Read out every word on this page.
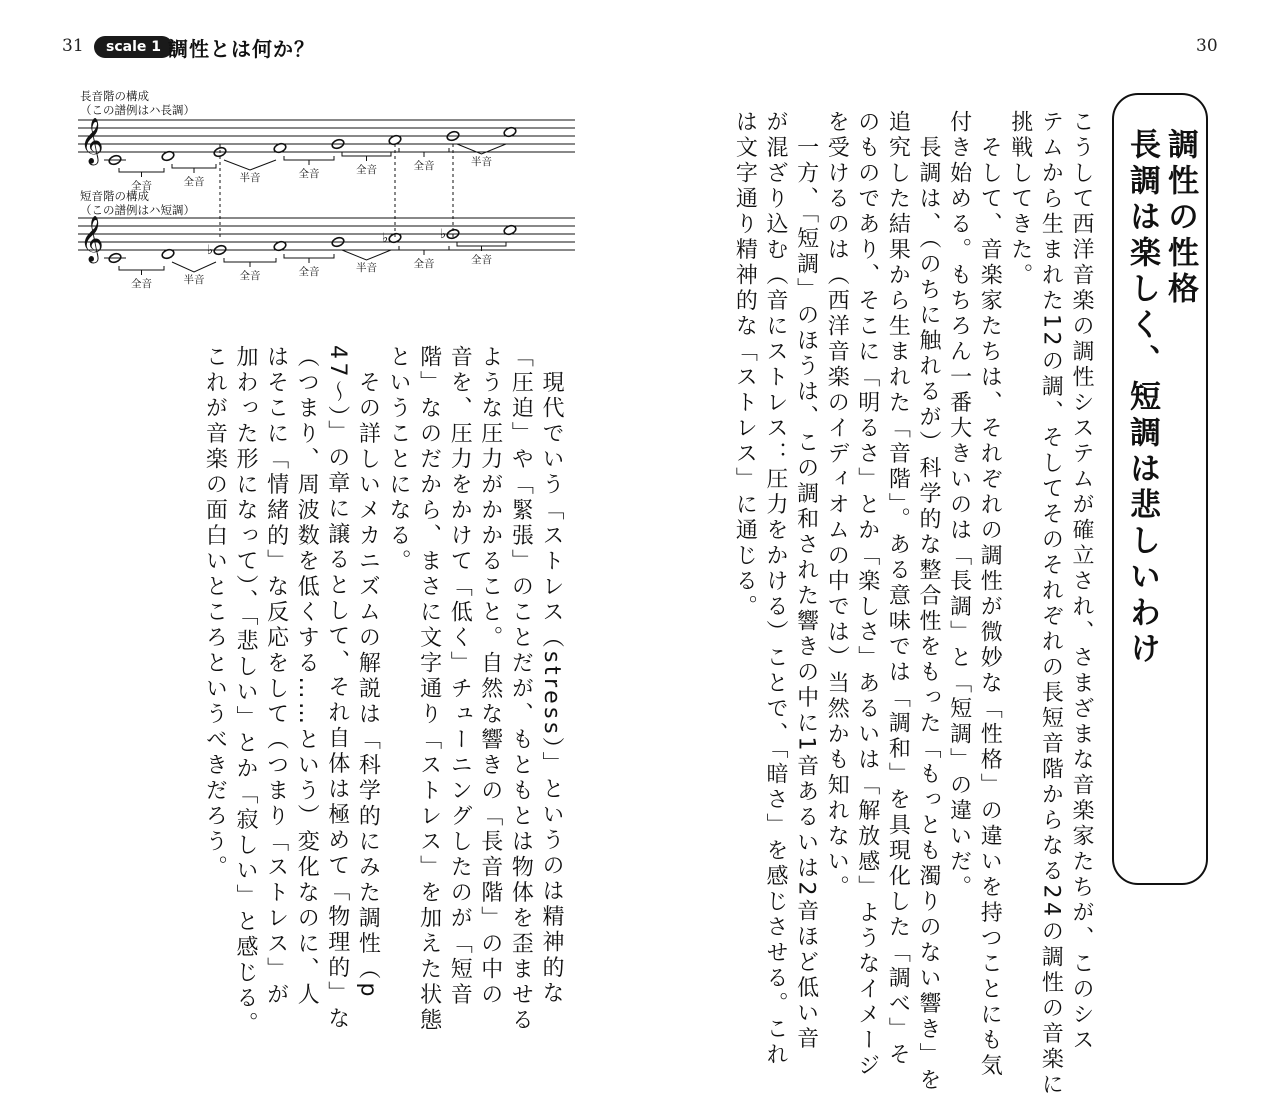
31	scale 1 調性とは何か？	30
長音階の構成
（この譜例はハ長調）
短音階の構成
（この譜例はハ短調）
𝄞
𝄞	♭
♭	♭
全音	全音	半音	全音	全音	全音	半音
全音	半音	全音	全音	半音	全音	全音	調性の性格
長調は楽しく、短調は悲しいわけ
こうして西洋音楽の調性システムが確立され、さまざまな音楽家たちが、このシス
テムから生まれた12の調、そしてそのそれぞれの長短音階からなる24の調性の音楽に
挑戦してきた。
　そして、音楽家たちは、それぞれの調性が微妙な「性格」の違いを持つことにも気
付き始める。もちろん一番大きいのは「長調」と「短調」の違いだ。
　長調は、（のちに触れるが）科学的な整合性をもった「もっとも濁りのない響き」を
追究した結果から生まれた「音階」。ある意味では「調和」を具現化した「調べ」そ
のものであり、そこに「明るさ」とか「楽しさ」あるいは「解放感」ようなイメージ
を受けるのは（西洋音楽のイディオムの中では）当然かも知れない。
　一方、「短調」のほうは、この調和された響きの中に1音あるいは2音ほど低い音
が混ざり込む（音にストレス：圧力をかける）ことで、「暗さ」を感じさせる。これ
は文字通り精神的な「ストレス」に通じる。
　現代でいう「ストレス（stress）」というのは精神的な
「圧迫」や「緊張」のことだが、もともとは物体を歪ませる
ような圧力がかかること。自然な響きの「長音階」の中の
音を、圧力をかけて「低く」チューニングしたのが「短音
階」なのだから、まさに文字通り「ストレス」を加えた状態
ということになる。
　その詳しいメカニズムの解説は「科学的にみた調性（p
47～）」の章に譲るとして、それ自体は極めて「物理的」な
（つまり、周波数を低くする……という）変化なのに、人
はそこに「情緒的」な反応をして（つまり「ストレス」が
加わった形になって）、「悲しい」とか「寂しい」と感じる。
これが音楽の面白いところというべきだろう。
